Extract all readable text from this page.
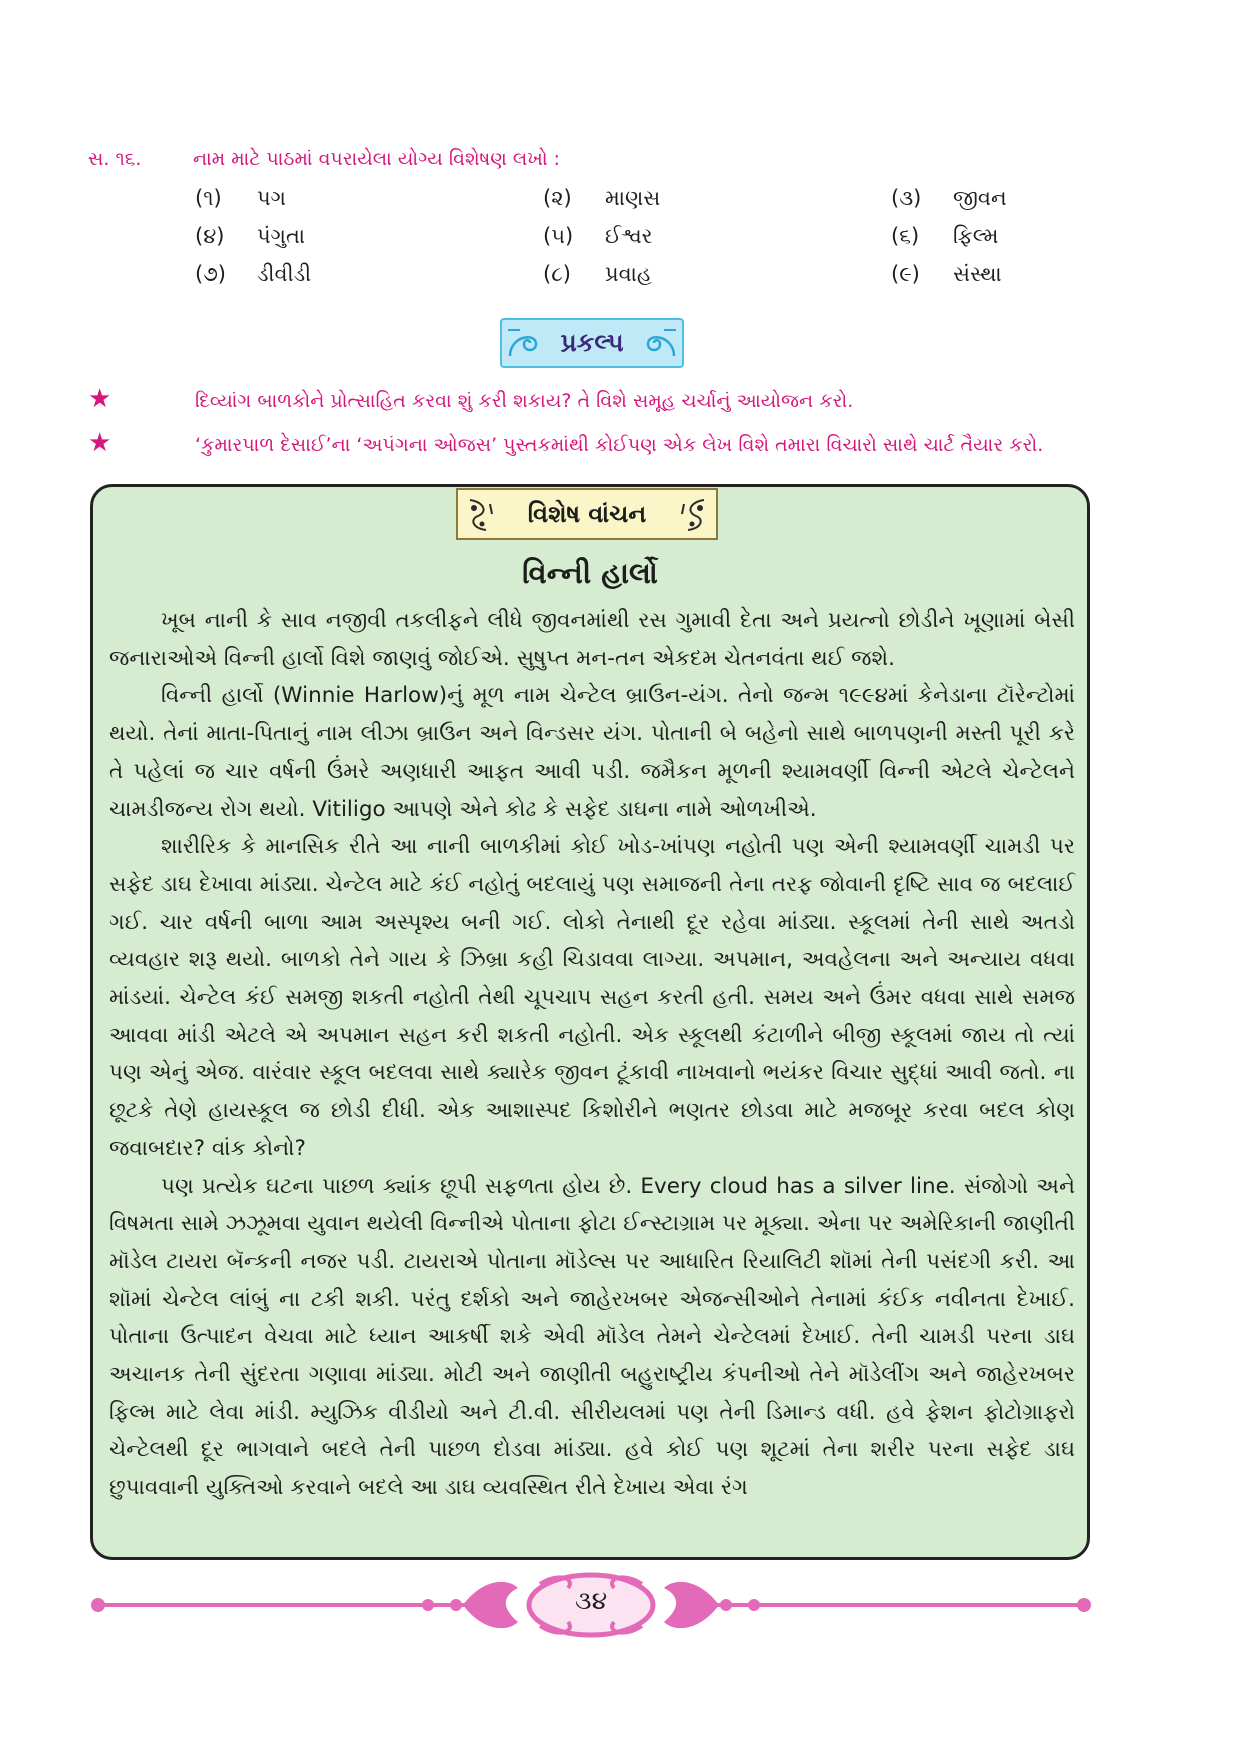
સ. ૧૬.	નામ માટે પાઠમાં વપરાયેલા યોગ્ય વિશેષણ લખો :
(૧)	પગ	(૨)	માણસ	(૩)	જીવન
(૪)	પંગુતા	(૫)	ઈશ્વર	(૬)	ફિલ્મ
(૭)	ડીવીડી	(૮)	પ્રવાહ	(૯)	સંસ્થા
પ્રકલ્પ
★	દિવ્યાંગ બાળકોને પ્રોત્સાહિત કરવા શું કરી શકાય? તે વિશે સમૂહ ચર્ચાનું આયોજન કરો.
★	‘કુમારપાળ દેસાઈ’ના ‘અપંગના ઓજસ’ પુસ્તકમાંથી કોઈપણ એક લેખ વિશે તમારા વિચારો સાથે ચાર્ટ તૈયાર કરો.
વિશેષ વાંચન
વિન્ની હાર્લો

ખૂબ નાની કે સાવ નજીવી તકલીફને લીધે જીવનમાંથી રસ ગુમાવી દેતા અને પ્રયત્નો છોડીને ખૂણામાં બેસી જનારાઓએ વિન્ની હાર્લો વિશે જાણવું જોઈએ. સુષુપ્ત મન-તન એકદમ ચેતનવંતા થઈ જશે.

વિન્ની હાર્લો (Winnie Harlow)નું મૂળ નામ ચેન્ટેલ બ્રાઉન-યંગ. તેનો જન્મ ૧૯૯૪માં કેનેડાના ટૉરેન્ટોમાં થયો. તેનાં માતા-પિતાનું નામ લીઝા બ્રાઉન અને વિન્ડસર યંગ. પોતાની બે બહેનો સાથે બાળપણની મસ્તી પૂરી કરે તે પહેલાં જ ચાર વર્ષની ઉંમરે અણધારી આફત આવી પડી. જમૈકન મૂળની શ્યામવર્ણી વિન્ની એટલે ચેન્ટેલને ચામડીજન્ય રોગ થયો. Vitiligo આપણે એને કોઢ કે સફેદ ડાઘના નામે ઓળખીએ.

શારીરિક કે માનસિક રીતે આ નાની બાળકીમાં કોઈ ખોડ-ખાંપણ નહોતી પણ એની શ્યામવર્ણી ચામડી પર સફેદ ડાઘ દેખાવા માંડ્યા. ચેન્ટેલ માટે કંઈ નહોતું બદલાયું પણ સમાજની તેના તરફ જોવાની દૃષ્ટિ સાવ જ બદલાઈ ગઈ. ચાર વર્ષની બાળા આમ અસ્પૃશ્ય બની ગઈ. લોકો તેનાથી દૂર રહેવા માંડ્યા. સ્કૂલમાં તેની સાથે અતડો વ્યવહાર શરૂ થયો. બાળકો તેને ગાય કે ઝિબ્રા કહી ચિડાવવા લાગ્યા. અપમાન, અવહેલના અને અન્યાય વધવા માંડયાં. ચેન્ટેલ કંઈ સમજી શકતી નહોતી તેથી ચૂપચાપ સહન કરતી હતી. સમય અને ઉંમર વધવા સાથે સમજ આવવા માંડી એટલે એ અપમાન સહન કરી શકતી નહોતી. એક સ્કૂલથી કંટાળીને બીજી સ્કૂલમાં જાય તો ત્યાં પણ એનું એજ. વારંવાર સ્કૂલ બદલવા સાથે ક્યારેક જીવન ટૂંકાવી નાખવાનો ભયંકર વિચાર સુદ્ધાં આવી જતો. ના છૂટકે તેણે હાયસ્કૂલ જ છોડી દીધી. એક આશાસ્પદ કિશોરીને ભણતર છોડવા માટે મજબૂર કરવા બદલ કોણ જવાબદાર? વાંક કોનો?

પણ પ્રત્યેક ઘટના પાછળ ક્યાંક છૂપી સફળતા હોય છે. Every cloud has a silver line. સંજોગો અને વિષમતા સામે ઝઝૂમવા યુવાન થયેલી વિન્નીએ પોતાના ફોટા ઈન્સ્ટાગ્રામ પર મૂક્યા. એના પર અમેરિકાની જાણીતી મૉડેલ ટાયરા બૅન્કની નજર પડી. ટાયરાએ પોતાના મૉડેલ્સ પર આધારિત રિયાલિટી શૉમાં તેની પસંદગી કરી. આ શૉમાં ચેન્ટેલ લાંબું ના ટકી શકી. પરંતુ દર્શકો અને જાહેરખબર એજન્સીઓને તેનામાં કંઈક નવીનતા દેખાઈ. પોતાના ઉત્પાદન વેચવા માટે ધ્યાન આકર્ષી શકે એવી મૉડેલ તેમને ચેન્ટેલમાં દેખાઈ. તેની ચામડી પરના ડાઘ અચાનક તેની સુંદરતા ગણાવા માંડ્યા. મોટી અને જાણીતી બહુરાષ્ટ્રીય કંપનીઓ તેને મૉડેલીંગ અને જાહેરખબર ફિલ્મ માટે લેવા માંડી. મ્યુઝિક વીડીયો અને ટી.વી. સીરીયલમાં પણ તેની ડિમાન્ડ વધી. હવે ફેશન ફોટોગ્રાફરો ચેન્ટેલથી દૂર ભાગવાને બદલે તેની પાછળ દોડવા માંડ્યા. હવે કોઈ પણ શૂટમાં તેના શરીર પરના સફેદ ડાઘ છુપાવવાની યુક્તિઓ કરવાને બદલે આ ડાઘ વ્યવસ્થિત રીતે દેખાય એવા રંગ

૩૪
